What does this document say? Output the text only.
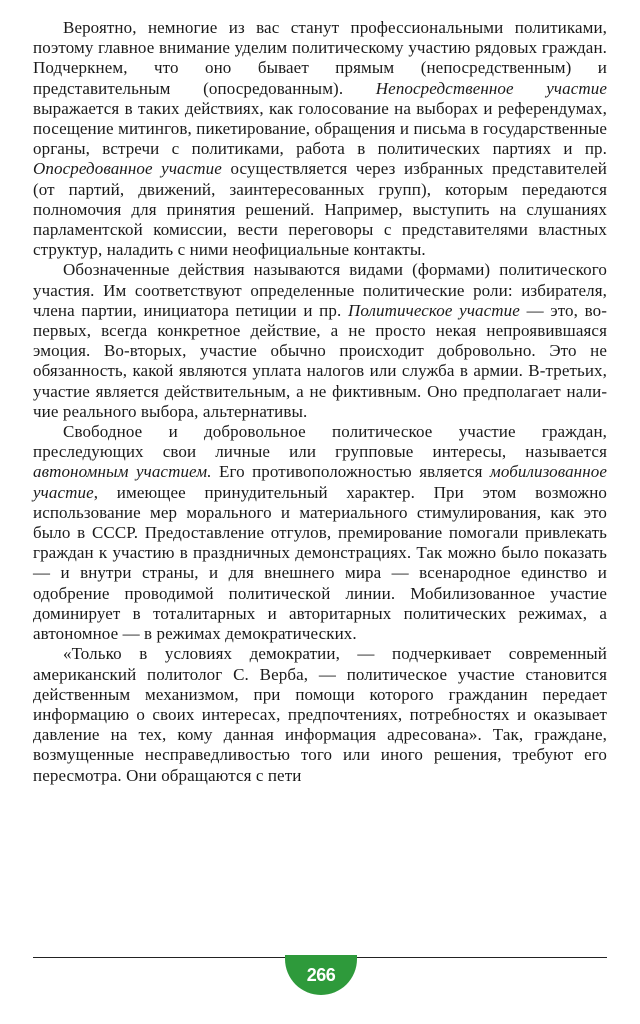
Вероятно, немногие из вас станут профессиональными политиками, поэтому главное внимание уделим политическому участию рядовых граждан. Подчеркнем, что оно бывает прямым (непосредственным) и представительным (опосредованным). Непосредственное участие выражается в таких действиях, как голосование на выборах и референдумах, посещение митингов, пикетирование, обращения и письма в государственные органы, встречи с политиками, работа в политических партиях и пр. Опосредованное участие осуществляется через избранных представителей (от партий, движений, заинтересованных групп), которым передаются полномочия для принятия решений. Например, выступить на слушаниях парламентской комиссии, вести переговоры с представителями властных структур, наладить с ними неофициальные контакты.

Обозначенные действия называются видами (формами) политического участия. Им соответствуют определенные политические роли: избирателя, члена партии, инициатора петиции и пр. Политическое участие — это, во-первых, всегда конкретное действие, а не просто некая непроявившаяся эмоция. Во-вторых, участие обычно происходит добровольно. Это не обязанность, какой являются уплата налогов или служба в армии. В-третьих, участие является действительным, а не фиктивным. Оно предполагает наличие реального выбора, альтернативы.

Свободное и добровольное политическое участие граждан, преследующих свои личные или групповые интересы, называется автономным участием. Его противоположностью является мобилизованное участие, имеющее принудительный характер. При этом возможно использование мер морального и материального стимулирования, как это было в СССР. Предоставление отгулов, премирование помогали привлекать граждан к участию в праздничных демонстрациях. Так можно было показать — и внутри страны, и для внешнего мира — всенародное единство и одобрение проводимой политической линии. Мобилизованное участие доминирует в тоталитарных и авторитарных политических режимах, а автономное — в режимах демократических.

«Только в условиях демократии, — подчеркивает современный американский политолог С. Верба, — политическое участие становится действенным механизмом, при помощи которого гражданин передает информацию о своих интересах, предпочтениях, потребностях и оказывает давление на тех, кому данная информация адресована». Так, граждане, возмущенные несправедливостью того или иного решения, требуют его пересмотра. Они обращаются с пети

266
